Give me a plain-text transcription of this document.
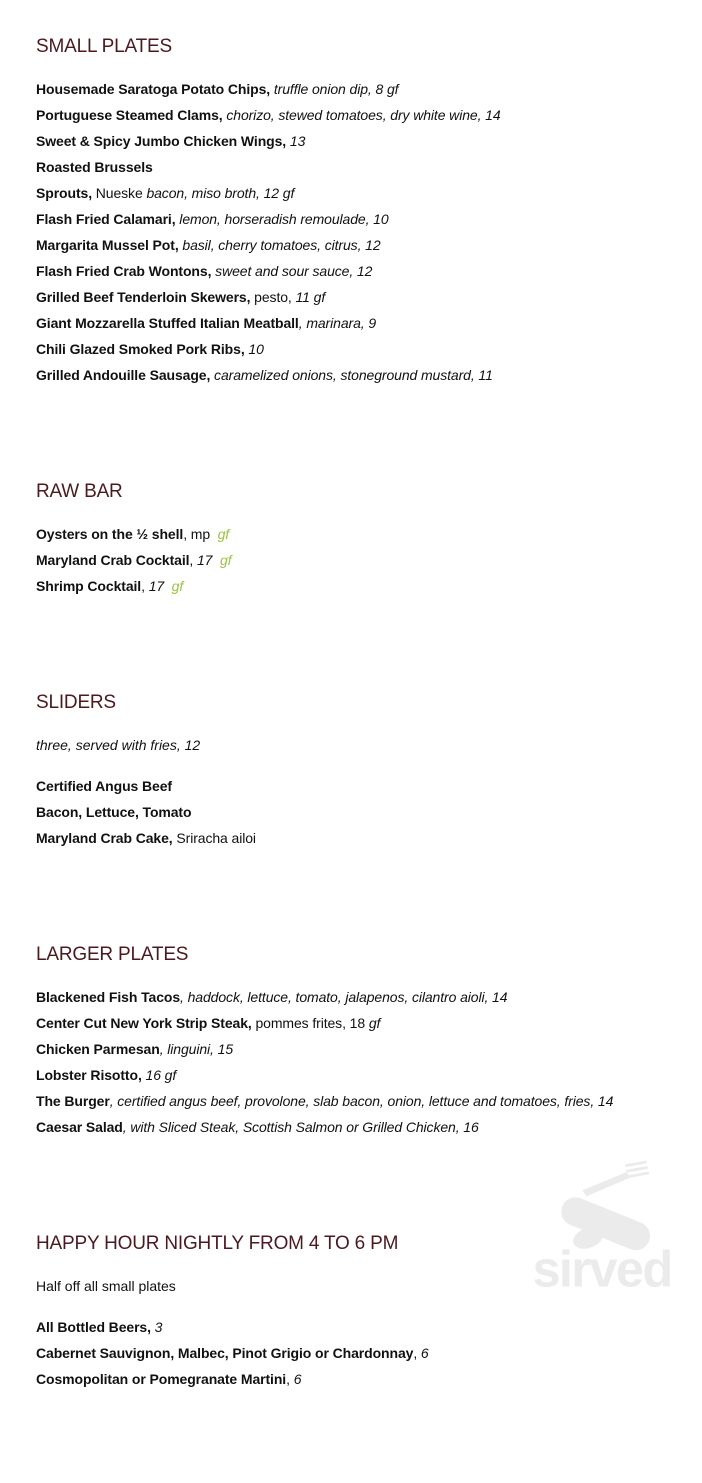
sirved
SMALL PLATES
Housemade Saratoga Potato Chips, truffle onion dip, 8 gf
Portuguese Steamed Clams, chorizo, stewed tomatoes, dry white wine, 14
Sweet & Spicy Jumbo Chicken Wings, 13
Roasted Brussels
Sprouts, Nueske bacon, miso broth, 12 gf
Flash Fried Calamari, lemon, horseradish remoulade, 10
Margarita Mussel Pot, basil, cherry tomatoes, citrus, 12
Flash Fried Crab Wontons, sweet and sour sauce, 12
Grilled Beef Tenderloin Skewers, pesto, 11 gf
Giant Mozzarella Stuffed Italian Meatball, marinara, 9
Chili Glazed Smoked Pork Ribs, 10
Grilled Andouille Sausage, caramelized onions, stoneground mustard, 11
RAW BAR
Oysters on the ½ shell, mp  gf
Maryland Crab Cocktail, 17  gf
Shrimp Cocktail, 17  gf
SLIDERS
three, served with fries, 12
Certified Angus Beef
Bacon, Lettuce, Tomato
Maryland Crab Cake, Sriracha ailoi
LARGER PLATES
Blackened Fish Tacos, haddock, lettuce, tomato, jalapenos, cilantro aioli, 14
Center Cut New York Strip Steak, pommes frites, 18 gf
Chicken Parmesan, linguini, 15
Lobster Risotto, 16 gf
The Burger, certified angus beef, provolone, slab bacon, onion, lettuce and tomatoes, fries, 14
Caesar Salad, with Sliced Steak, Scottish Salmon or Grilled Chicken, 16
HAPPY HOUR NIGHTLY FROM 4 TO 6 PM
Half off all small plates
All Bottled Beers, 3
Cabernet Sauvignon, Malbec, Pinot Grigio or Chardonnay, 6
Cosmopolitan or Pomegranate Martini, 6
